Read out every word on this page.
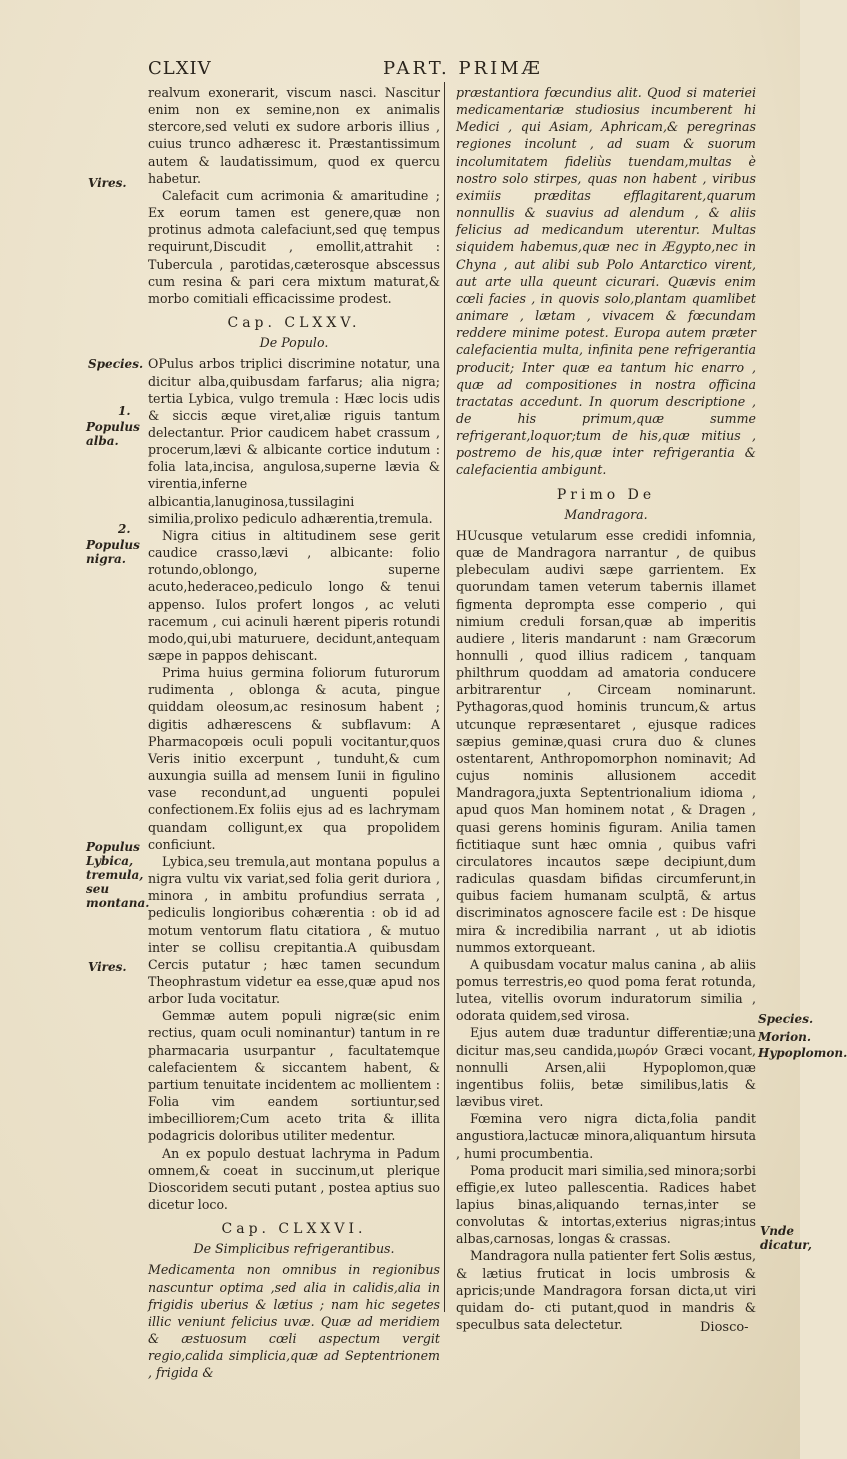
CLXIV	PART. PRIMÆ

realvum exonerarit, viscum nasci. Nascitur enim non ex semine,non ex animalis stercore,sed veluti ex sudore arboris illius , cuius trunco adhæresc it. Præstantissimum autem & laudatissimum, quod ex quercu habetur.

Calefacit cum acrimonia & amaritudine ; Ex eorum tamen est genere,quæ non protinus admota calefaciunt,sed quę tempus requirunt,Discudit , emollit,attrahit : Tubercula , parotidas,cæterosque abscessus cum resina & pari cera mixtum maturat,& morbo comitiali efficacissime prodest.

Cap. CLXXV.
De Populo.

OPulus arbos triplici discrimine notatur, una dicitur alba,quibusdam farfarus; alia nigra; tertia Lybica, vulgo tremula : Hæc locis udis & siccis æque viret,aliæ riguis tantum delectantur. Prior caudicem habet crassum , procerum,lævi & albicante cortice indutum : folia lata,incisa, angulosa,superne lævia & virentia,inferne albicantia,lanuginosa,tussilagini similia,prolixo pediculo adhærentia,tremula.

Nigra citius in altitudinem sese gerit caudice crasso,lævi , albicante: folio rotundo,oblongo, superne acuto,hederaceo,pediculo longo & tenui appenso. Iulos profert longos , ac veluti racemum , cui acinuli hærent piperis rotundi modo,qui,ubi maturuere, decidunt,antequam sæpe in pappos dehiscant.

Prima huius germina foliorum futurorum rudimenta , oblonga & acuta, pingue quiddam oleosum,ac resinosum habent ; digitis adhærescens & subflavum: A Pharmacopœis oculi populi vocitantur,quos Veris initio excerpunt , tunduht,& cum auxungia suilla ad mensem Iunii in figulino vase recondunt,ad unguenti populei confectionem.Ex foliis ejus ad es lachrymam quandam colligunt,ex qua propolidem conficiunt.

Lybica,seu tremula,aut montana populus a nigra vultu vix variat,sed folia gerit duriora , minora , in ambitu profundius serrata , pediculis longioribus cohærentia : ob id ad motum ventorum flatu citatiora , & mutuo inter se collisu crepitantia.A quibusdam Cercis putatur ; hæc tamen secundum Theophrastum videtur ea esse,quæ apud nos arbor Iuda vocitatur.

Gemmæ autem populi nigræ(sic enim rectius, quam oculi nominantur) tantum in re pharmacaria usurpantur , facultatemque calefacientem & siccantem habent, & partium tenuitate incidentem ac mollientem : Folia vim eandem sortiuntur,sed imbecilliorem;Cum aceto trita & illita podagricis doloribus utiliter medentur.

An ex populo destuat lachryma in Padum omnem,& coeat in succinum,ut plerique Dioscoridem secuti putant , postea aptius suo dicetur loco.

Cap. CLXXVI.
De Simplicibus refrigerantibus.

Medicamenta non omnibus in regionibus nascuntur optima ,sed alia in calidis,alia in frigidis uberius & lætius ; nam hic segetes illic veniunt felicius uvæ. Quæ ad meridiem & æstuosum cœli aspectum vergit regio,calida simplicia,quæ ad Septentrionem , frigida &

præstantiora fœcundius alit. Quod si materiei medicamentariæ studiosius incumberent hi Medici , qui Asiam, Aphricam,& peregrinas regiones incolunt , ad suam & suorum incolumitatem fideliùs tuendam,multas è nostro solo stirpes, quas non habent , viribus eximiis præditas efflagitarent,quarum nonnullis & suavius ad alendum , & aliis felicius ad medicandum uterentur. Multas siquidem habemus,quæ nec in Ægypto,nec in Chyna , aut alibi sub Polo Antarctico virent, aut arte ulla queunt cicurari. Quævis enim cœli facies , in quovis solo,plantam quamlibet animare , lætam , vivacem & fœcundam reddere minime potest. Europa autem præter calefacientia multa, infinita pene refrigerantia producit; Inter quæ ea tantum hic enarro , quæ ad compositiones in nostra officina tractatas accedunt. In quorum descriptione , de his primum,quæ summe refrigerant,loquor;tum de his,quæ mitius , postremo de his,quæ inter refrigerantia & calefacientia ambigunt.

Primo De
Mandragora.

HUcusque vetularum esse credidi infomnia, quæ de Mandragora narrantur , de quibus plebeculam audivi sæpe garrientem. Ex quorundam tamen veterum tabernis illamet figmenta deprompta esse comperio , qui nimium creduli forsan,quæ ab imperitis audiere , literis mandarunt : nam Græcorum honnulli , quod illius radicem , tanquam philthrum quoddam ad amatoria conducere arbitrarentur , Circeam nominarunt. Pythagoras,quod hominis truncum,& artus utcunque repræsentaret , ejusque radices sæpius geminæ,quasi crura duo & clunes ostentarent, Anthropomorphon nominavit; Ad cujus nominis allusionem accedit Mandragora,juxta Septentrionalium idioma , apud quos Man hominem notat , & Dragen , quasi gerens hominis figuram. Anilia tamen fictitiaque sunt hæc omnia , quibus vafri circulatores incautos sæpe decipiunt,dum radiculas quasdam bifidas circumferunt,in quibus faciem humanam sculptã, & artus discriminatos agnoscere facile est : De hisque mira & incredibilia narrant , ut ab idiotis nummos extorqueant.

A quibusdam vocatur malus canina , ab aliis pomus terrestris,eo quod poma ferat rotunda, lutea, vitellis ovorum induratorum similia , odorata quidem,sed virosa.

Ejus autem duæ traduntur differentiæ;una dicitur mas,seu candida,μωρόν Græci vocant, nonnulli Arsen,alii Hypoplomon,quæ ingentibus foliis, betæ similibus,latis & lævibus viret.

Fœmina vero nigra dicta,folia pandit angustiora,lactucæ minora,aliquantum hirsuta , humi procumbentia.

Poma producit mari similia,sed minora;sorbi effigie,ex luteo pallescentia. Radices habet lapius binas,aliquando ternas,inter se convolutas & intortas,exterius nigras;intus albas,carnosas, longas & crassas.

Mandragora nulla patienter fert Solis æstus, & lætius fruticat in locis umbrosis & apricis;unde Mandragora forsan dicta,ut viri quidam do- cti putant,quod in mandris & speculbus sata delectetur.

Vires.
Species.
1.
Populus alba.
2.
Populus nigra.
Populus Lybica, tremula, seu montana.
Vires.
Species.
Morion.
Hypoplomon.
Vnde dicatur,
Diosco-
